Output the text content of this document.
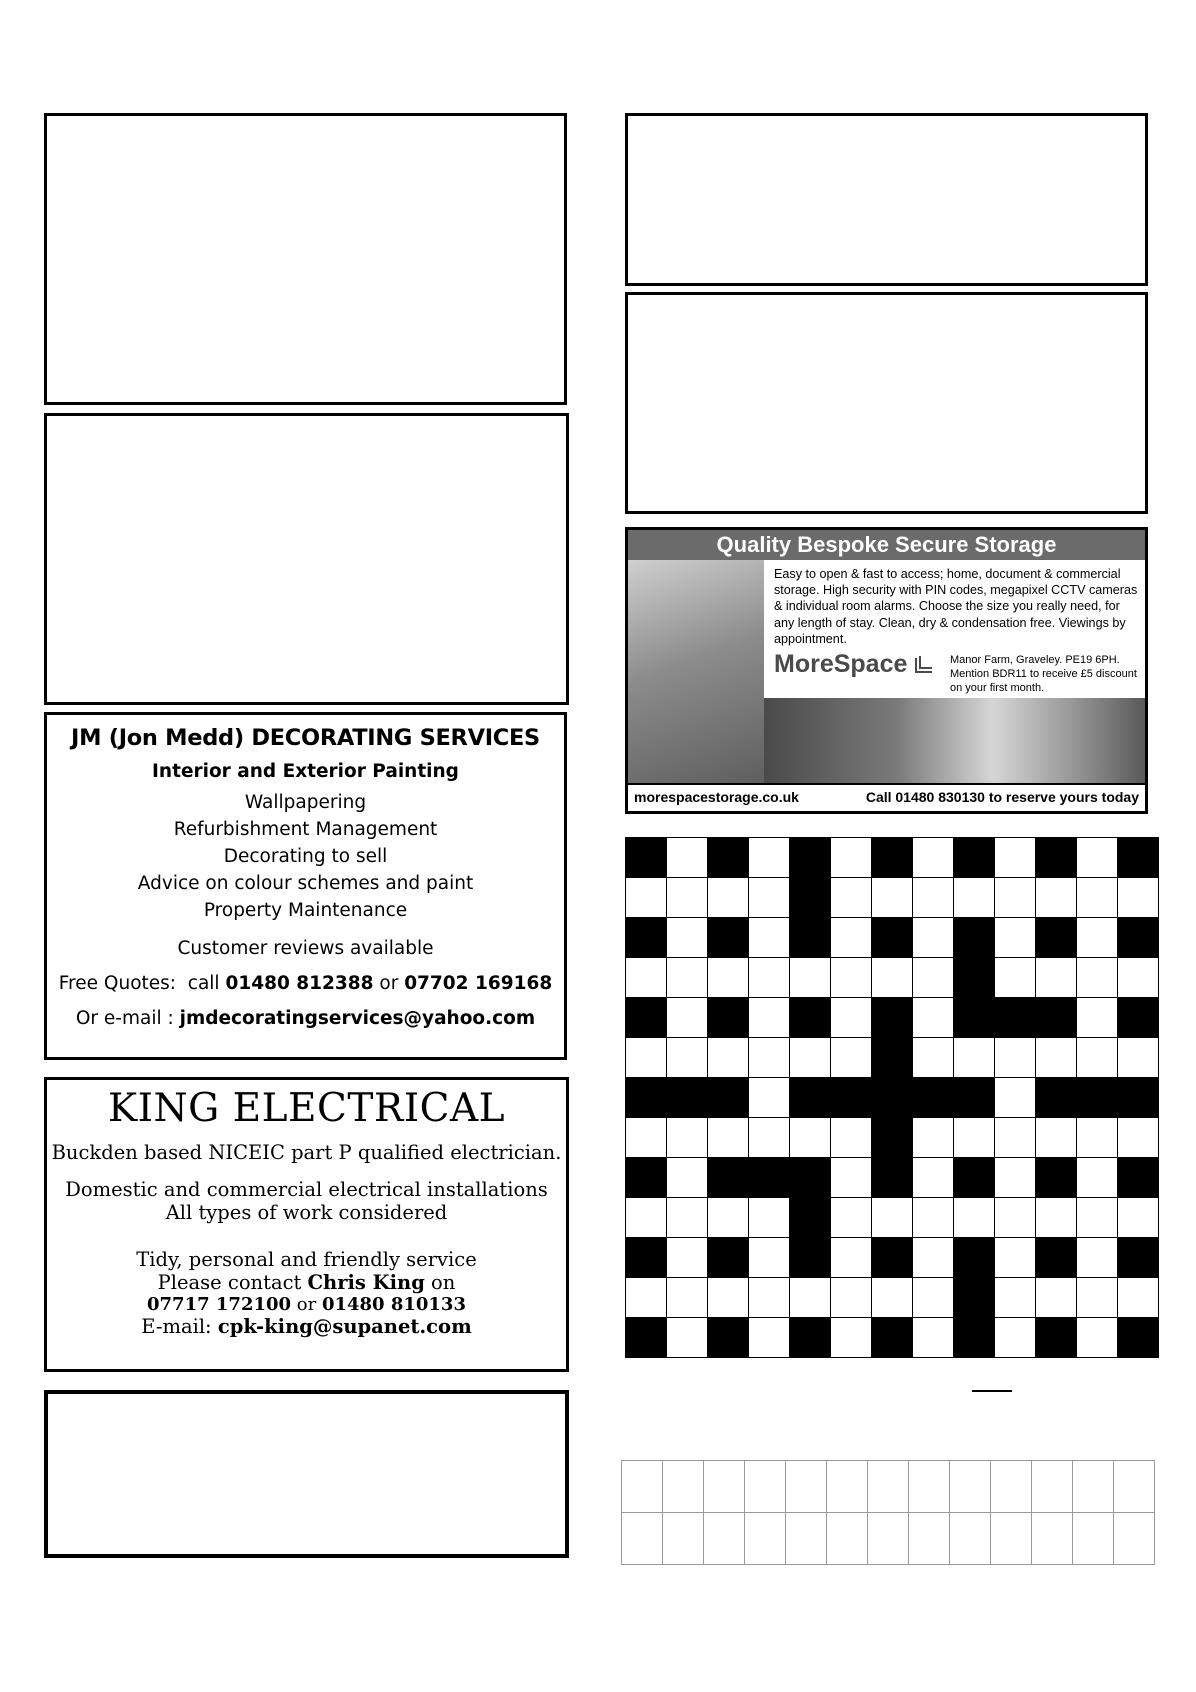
JM (Jon Medd) DECORATING SERVICES
Interior and Exterior Painting
Wallpapering
Refurbishment Management
Decorating to sell
Advice on colour schemes and paint
Property Maintenance
Customer reviews available
Free Quotes:  call 01480 812388 or 07702 169168
Or e-mail : jmdecoratingservices@yahoo.com
KING ELECTRICAL
Buckden based NICEIC part P qualified electrician.
Domestic and commercial electrical installations
All types of work considered
Tidy, personal and friendly service
Please contact Chris King on
07717 172100 or 01480 810133
E-mail: cpk-king@supanet.com
Quality Bespoke Secure Storage
Easy to open & fast to access; home, document & commercial storage. High security with PIN codes, megapixel CCTV cameras & individual room alarms. Choose the size you really need, for any length of stay. Clean, dry & condensation free. Viewings by appointment.
MoreSpace	Manor Farm, Graveley. PE19 6PH. Mention BDR11 to receive £5 discount on your first month.
morespacestorage.co.uk	Call 01480 830130 to reserve yours today
